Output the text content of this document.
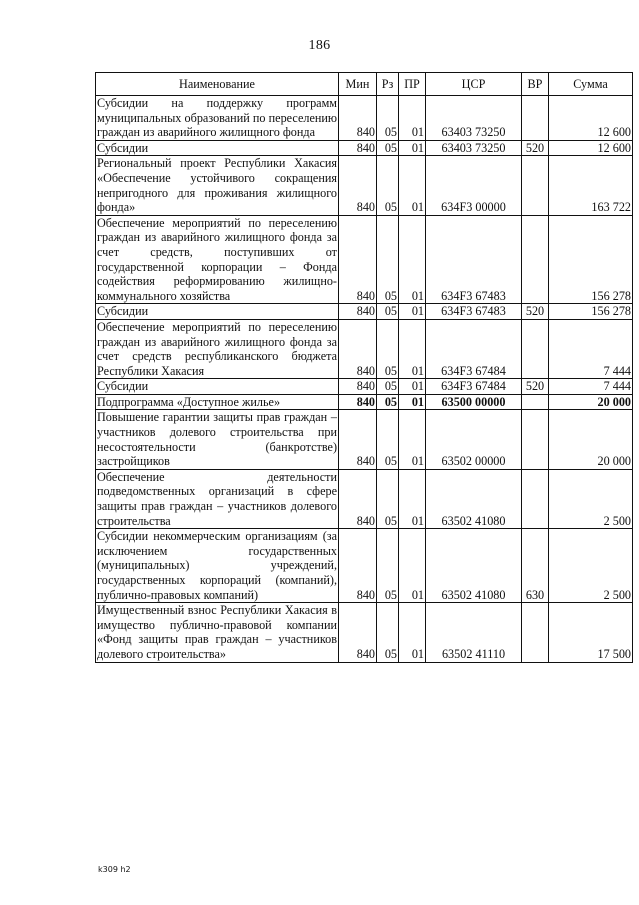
186
Наименование	Мин	Рз	ПР	ЦСР	ВР	Сумма
Субсидии на поддержку программ муниципальных образований по переселению граждан из аварийного жилищного фонда	840	05	01	63403 73250		12 600
Субсидии	840	05	01	63403 73250	520	12 600
Региональный проект Республики Хакасия «Обеспечение устойчивого сокращения непригодного для проживания жилищного фонда»	840	05	01	634F3 00000		163 722
Обеспечение мероприятий по переселению граждан из аварийного жилищного фонда за счет средств, поступивших от государственной корпорации – Фонда содействия реформированию жилищно-коммунального хозяйства	840	05	01	634F3 67483		156 278
Субсидии	840	05	01	634F3 67483	520	156 278
Обеспечение мероприятий по переселению граждан из аварийного жилищного фонда за счет средств республиканского бюджета Республики Хакасия	840	05	01	634F3 67484		7 444
Субсидии	840	05	01	634F3 67484	520	7 444
Подпрограмма «Доступное жилье»	840	05	01	63500 00000		20 000
Повышение гарантии защиты прав граждан – участников долевого строительства при несостоятельности (банкротстве) застройщиков	840	05	01	63502 00000		20 000
Обеспечение деятельности подведомственных организаций в сфере защиты прав граждан – участников долевого строительства	840	05	01	63502 41080		2 500
Субсидии некоммерческим организациям (за исключением государственных (муниципальных) учреждений, государственных корпораций (компаний), публично-правовых компаний)	840	05	01	63502 41080	630	2 500
Имущественный взнос Республики Хакасия в имущество публично-правовой компании «Фонд защиты прав граждан – участников долевого строительства»	840	05	01	63502 41110		17 500
k309 h2
